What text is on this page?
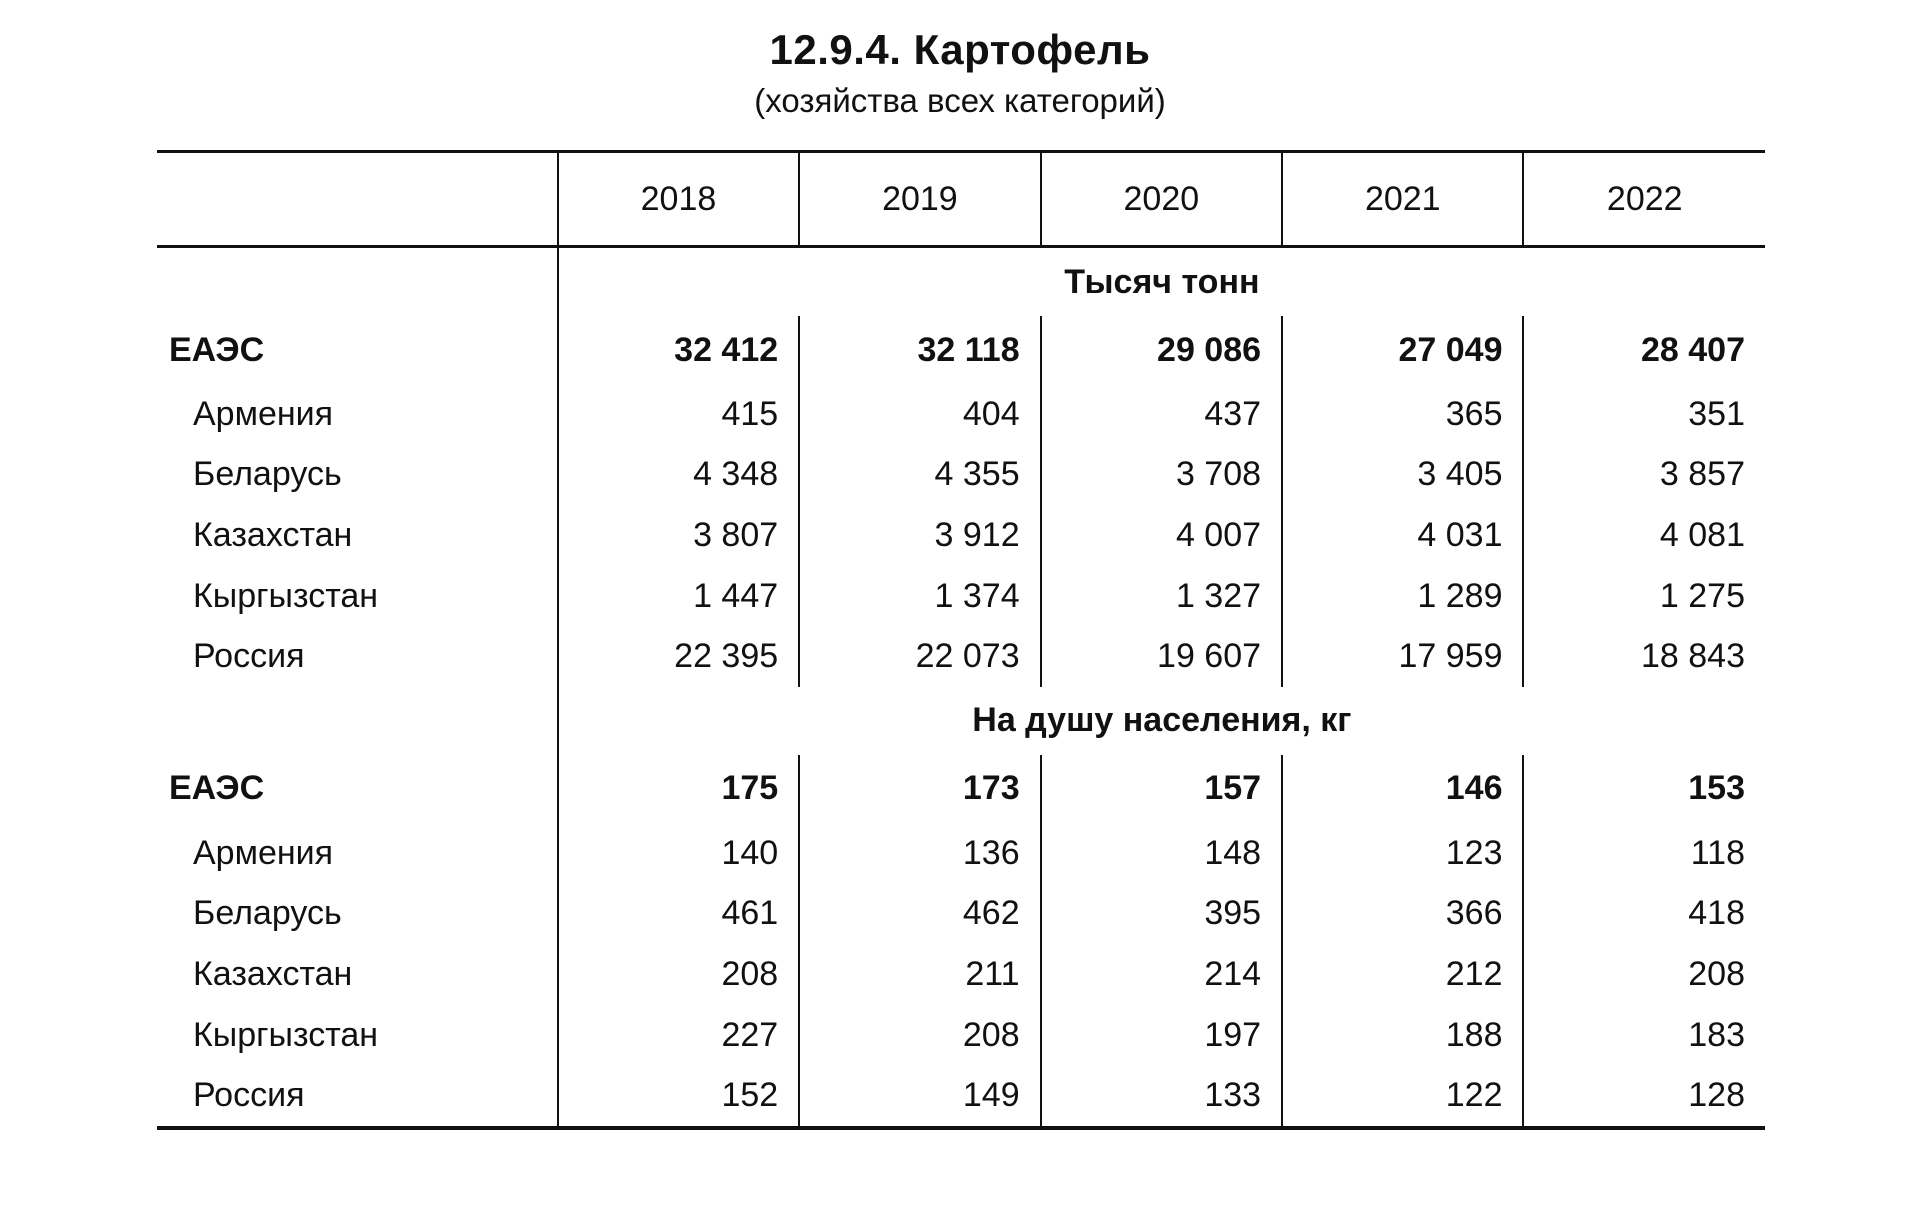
12.9.4. Картофель
(хозяйства всех категорий)
	2018	2019	2020	2021	2022
	Тысяч тонн				
ЕАЭС	32 412	32 118	29 086	27 049	28 407
Армения	415	404	437	365	351
Беларусь	4 348	4 355	3 708	3 405	3 857
Казахстан	3 807	3 912	4 007	4 031	4 081
Кыргызстан	1 447	1 374	1 327	1 289	1 275
Россия	22 395	22 073	19 607	17 959	18 843
	На душу населения, кг				
ЕАЭС	175	173	157	146	153
Армения	140	136	148	123	118
Беларусь	461	462	395	366	418
Казахстан	208	211	214	212	208
Кыргызстан	227	208	197	188	183
Россия	152	149	133	122	128
